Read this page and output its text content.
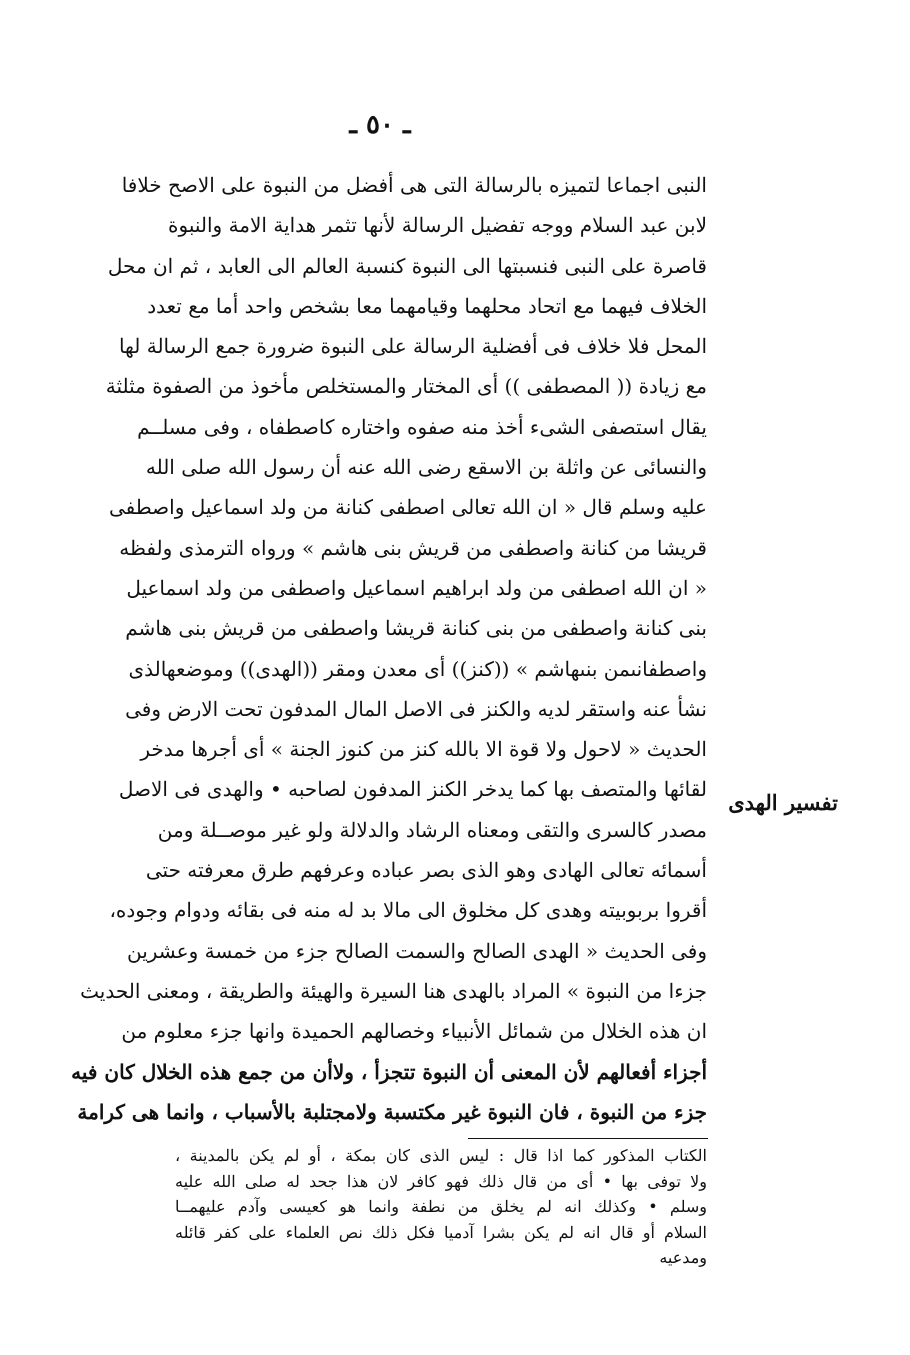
ـ ٥٠ ـ
تفسير الهدى
النبى اجماعا لتميزه بالرسالة التى هى أفضل من النبوة على الاصح خلافا
لابن عبد السلام ووجه تفضيل الرسالة لأنها تثمر هداية الامة والنبوة
قاصرة على النبى فنسبتها الى النبوة كنسبة العالم الى العابد ، ثم ان محل
الخلاف فيهما مع اتحاد محلهما وقيامهما معا بشخص واحد أما مع تعدد
المحل فلا خلاف فى أفضلية الرسالة على النبوة ضرورة جمع الرسالة لها
مع زيادة (( المصطفى )) أى المختار والمستخلص مأخوذ من الصفوة مثلثة
يقال استصفى الشىء أخذ منه صفوه واختاره كاصطفاه ، وفى مسلــم
والنسائى عن واثلة بن الاسقع رضى الله عنه أن رسول الله صلى الله
عليه وسلم قال « ان الله تعالى اصطفى كنانة من ولد اسماعيل واصطفى
قريشا من كنانة واصطفى من قريش بنى هاشم » ورواه الترمذى ولفظه
« ان الله اصطفى من ولد ابراهيم اسماعيل واصطفى من ولد اسماعيل
بنى كنانة واصطفى من بنى كنانة قريشا واصطفى من قريش بنى هاشم
واصطفانىمن بنىهاشم » ((كنز)) أى معدن ومقر ((الهدى)) وموضعهالذى
نشأ عنه واستقر لديه والكنز فى الاصل المال المدفون تحت الارض وفى
الحديث « لاحول ولا قوة الا بالله كنز من كنوز الجنة » أى أجرها مدخر
لقائها والمتصف بها كما يدخر الكنز المدفون لصاحبه • والهدى فى الاصل
مصدر كالسرى والتقى ومعناه الرشاد والدلالة ولو غير موصــلة ومن
أسمائه تعالى الهادى وهو الذى بصر عباده وعرفهم طرق معرفته حتى
أقروا بربوبيته وهدى كل مخلوق الى مالا بد له منه فى بقائه ودوام وجوده،
وفى الحديث « الهدى الصالح والسمت الصالح جزء من خمسة وعشرين
جزءا من النبوة » المراد بالهدى هنا السيرة والهيئة والطريقة ، ومعنى الحديث
ان هذه الخلال من شمائل الأنبياء وخصالهم الحميدة وانها جزء معلوم من
أجزاء أفعالهم لأن المعنى أن النبوة تتجزأ ، ولاأن من جمع هذه الخلال كان فيه
جزء من النبوة ، فان النبوة غير مكتسبة ولامجتلبة بالأسباب ، وانما هى كرامة
الكتاب المذكور كما اذا قال : ليس الذى كان بمكة ، أو لم يكن بالمدينة ،
ولا توفى بها • أى من قال ذلك فهو كافر لان هذا جحد له صلى الله عليه
وسلم • وكذلك انه لم يخلق من نطفة وانما هو كعيسى وآدم عليهمــا
السلام أو قال انه لم يكن بشرا آدميا فكل ذلك نص العلماء على كفر قائله
ومدعيه
